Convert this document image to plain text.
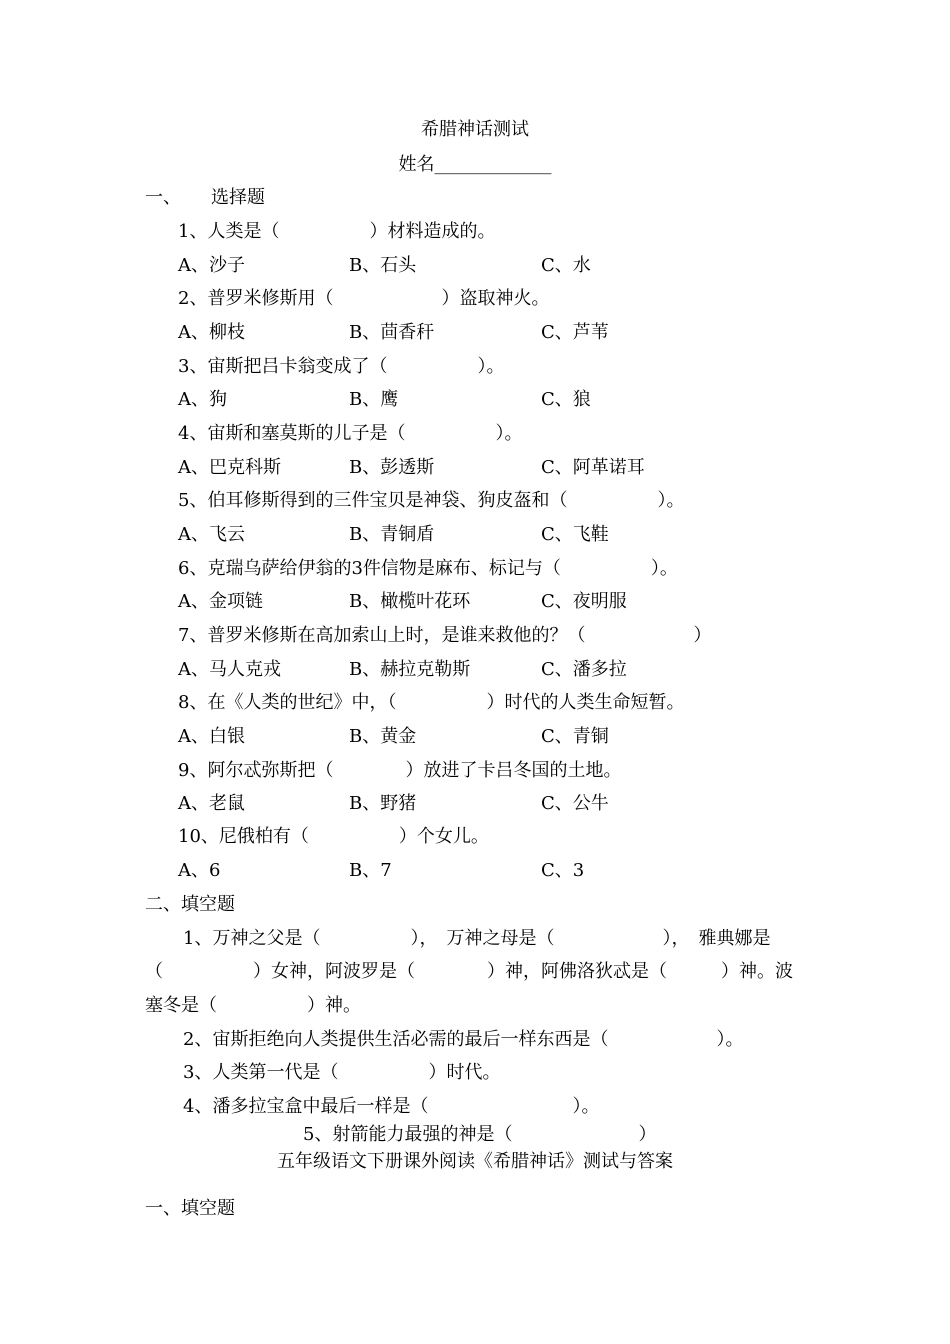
希腊神话测试
姓名_____________
一、 选择题
1、人类是（　　　　　）材料造成的。
A、沙子	B、石头	C、水
2、普罗米修斯用（　　　　　　）盗取神火。
A、柳枝	B、茴香秆	C、芦苇
3、宙斯把吕卡翁变成了（　　　　　）。
A、狗	B、鹰	C、狼
4、宙斯和塞莫斯的儿子是（　　　　　）。
A、巴克科斯	B、彭透斯	C、阿革诺耳
5、伯耳修斯得到的三件宝贝是神袋、狗皮盔和（　　　　　）。
A、飞云	B、青铜盾	C、飞鞋
6、克瑞乌萨给伊翁的3件信物是麻布、标记与（　　　　　）。
A、金项链	B、橄榄叶花环	C、夜明服
7、普罗米修斯在高加索山上时，是谁来救他的？（　　　　　　）
A、马人克戎	B、赫拉克勒斯	C、潘多拉
8、在《人类的世纪》中，（　　　　　）时代的人类生命短暂。
A、白银	B、黄金	C、青铜
9、阿尔忒弥斯把（　　　　）放进了卡吕冬国的土地。
A、老鼠	B、野猪	C、公牛
10、尼俄柏有（　　　　　）个女儿。
A、6	B、7	C、3
二、填空题
1、万神之父是（　　　　　），　万神之母是（　　　　　　），　雅典娜是
（　　　　　）女神，阿波罗是（　　　　）神，阿佛洛狄忒是（　　　）神。波
塞冬是（　　　　　）神。
2、宙斯拒绝向人类提供生活必需的最后一样东西是（　　　　　　）。
3、人类第一代是（　　　　　）时代。
4、潘多拉宝盒中最后一样是（　　　　　　　　）。
5、射箭能力最强的神是（　　　　　　　）
五年级语文下册课外阅读《希腊神话》测试与答案
一、填空题
